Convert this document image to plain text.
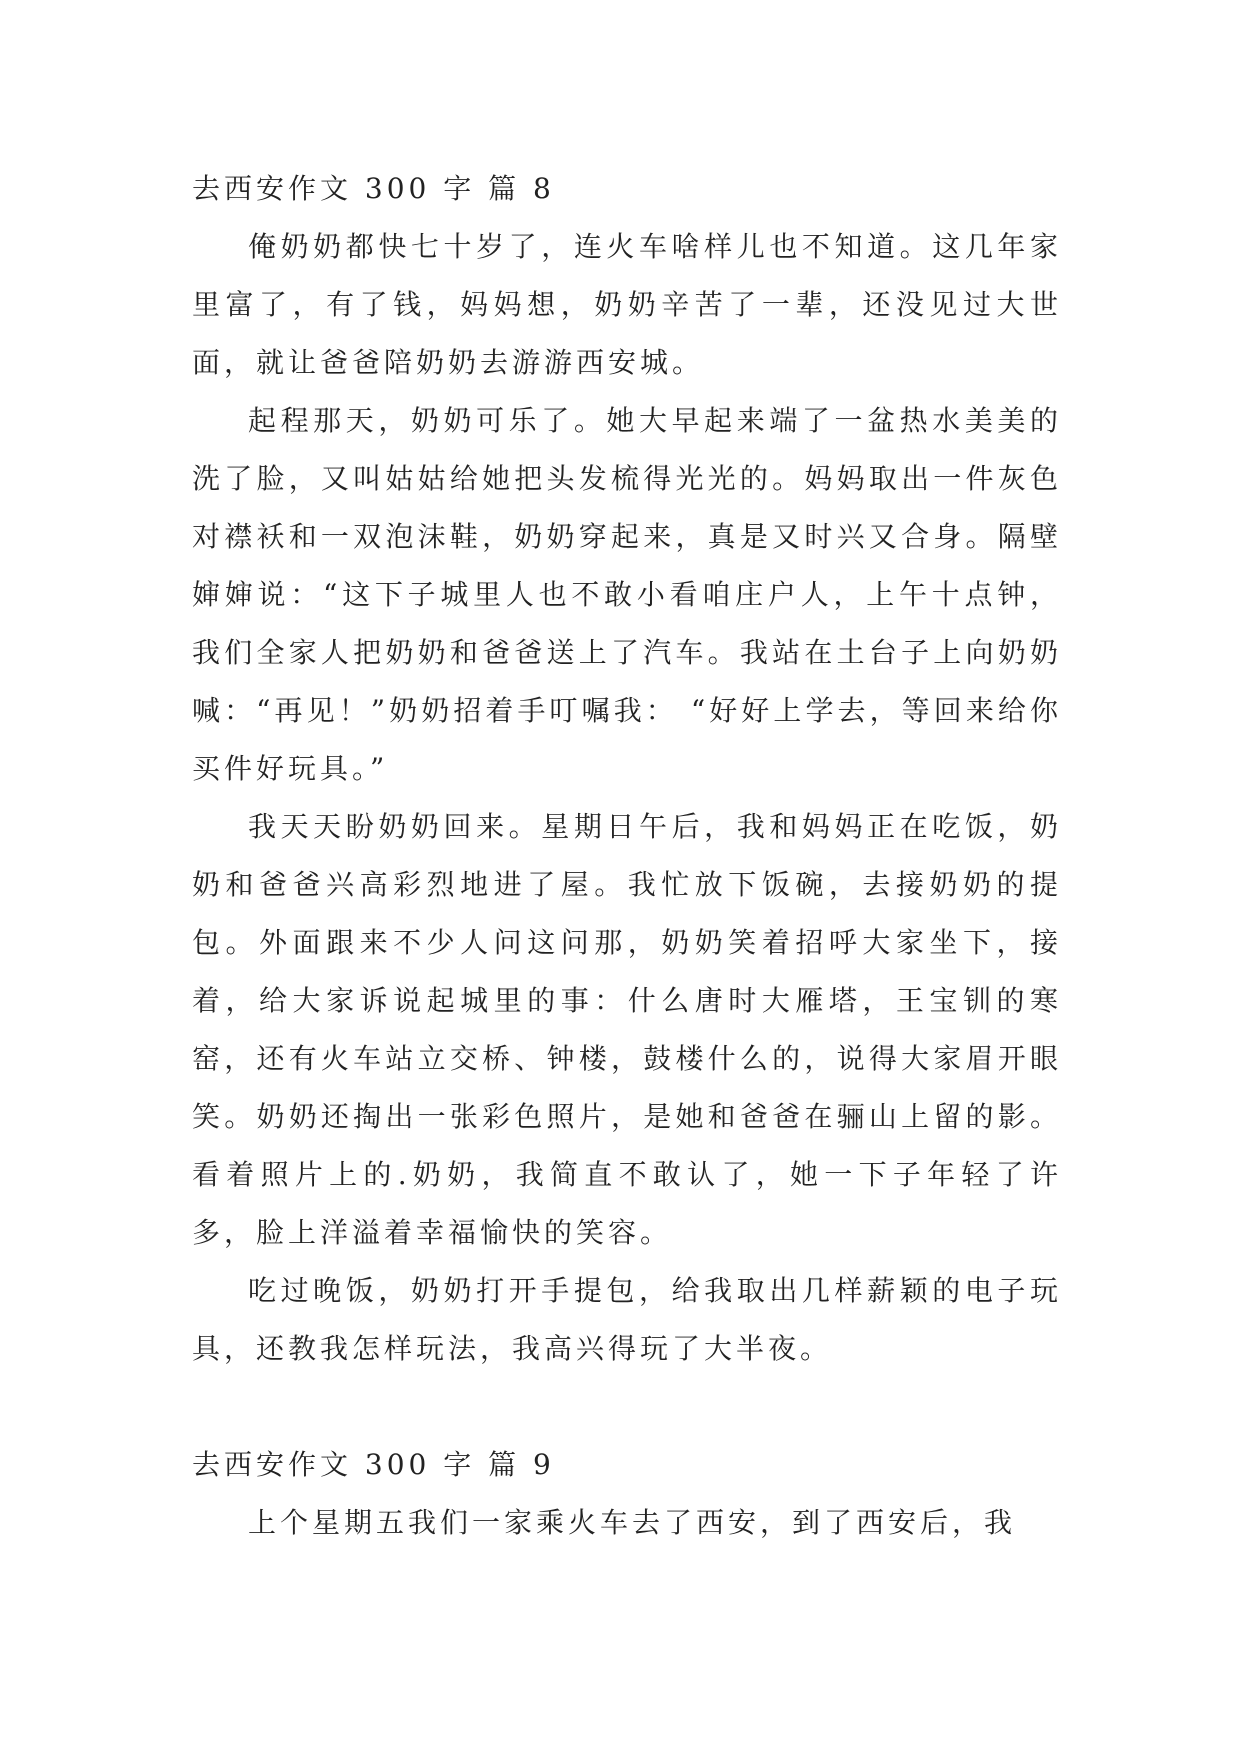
去西安作文 300 字 篇 8

俺奶奶都快七十岁了，连火车啥样儿也不知道。这几年家里富了，有了钱，妈妈想，奶奶辛苦了一辈，还没见过大世面，就让爸爸陪奶奶去游游西安城。

起程那天，奶奶可乐了。她大早起来端了一盆热水美美的洗了脸，又叫姑姑给她把头发梳得光光的。妈妈取出一件灰色对襟袄和一双泡沫鞋，奶奶穿起来，真是又时兴又合身。隔壁婶婶说：“这下子城里人也不敢小看咱庄户人，上午十点钟，我们全家人把奶奶和爸爸送上了汽车。我站在土台子上向奶奶喊：“再见！”奶奶招着手叮嘱我： “好好上学去，等回来给你买件好玩具。”

我天天盼奶奶回来。星期日午后，我和妈妈正在吃饭，奶奶和爸爸兴高彩烈地进了屋。我忙放下饭碗，去接奶奶的提包。外面跟来不少人问这问那，奶奶笑着招呼大家坐下，接着，给大家诉说起城里的事：什么唐时大雁塔，王宝钏的寒窑，还有火车站立交桥、钟楼，鼓楼什么的，说得大家眉开眼笑。奶奶还掏出一张彩色照片，是她和爸爸在骊山上留的影。看着照片上的.奶奶，我简直不敢认了，她一下子年轻了许多，脸上洋溢着幸福愉快的笑容。

吃过晚饭，奶奶打开手提包，给我取出几样薪颖的电子玩具，还教我怎样玩法，我高兴得玩了大半夜。

去西安作文 300 字 篇 9

上个星期五我们一家乘火车去了西安，到了西安后，我
